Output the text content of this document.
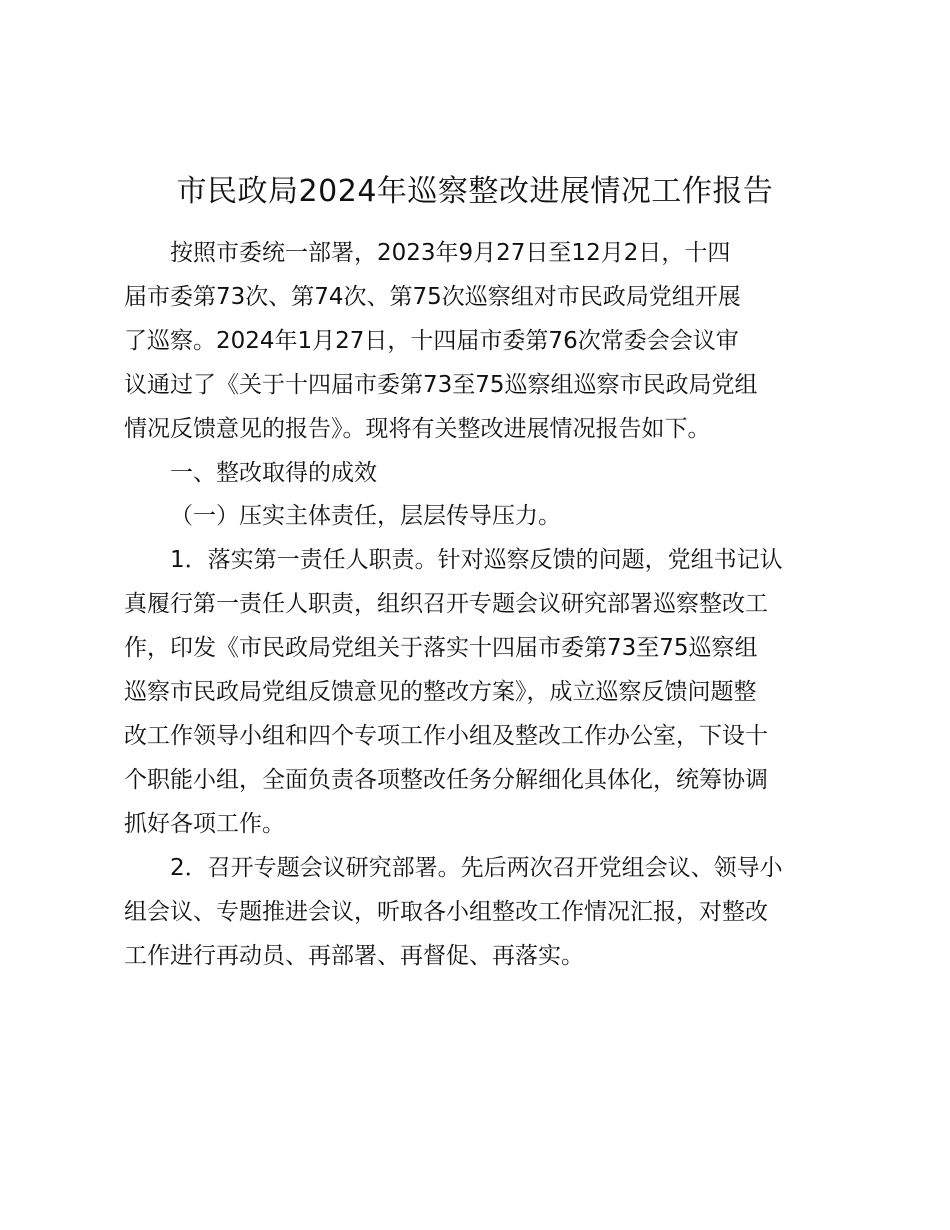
市民政局2024年巡察整改进展情况工作报告

按照市委统一部署，2023年9月27日至12月2日，十四
届市委第73次、第74次、第75次巡察组对市民政局党组开展
了巡察。2024年1月27日，十四届市委第76次常委会会议审
议通过了《关于十四届市委第73至75巡察组巡察市民政局党组
情况反馈意见的报告》。现将有关整改进展情况报告如下。

一、整改取得的成效

（一）压实主体责任，层层传导压力。

1．落实第一责任人职责。针对巡察反馈的问题，党组书记认
真履行第一责任人职责，组织召开专题会议研究部署巡察整改工
作，印发《市民政局党组关于落实十四届市委第73至75巡察组
巡察市民政局党组反馈意见的整改方案》，成立巡察反馈问题整
改工作领导小组和四个专项工作小组及整改工作办公室，下设十
个职能小组，全面负责各项整改任务分解细化具体化，统筹协调
抓好各项工作。

2．召开专题会议研究部署。先后两次召开党组会议、领导小
组会议、专题推进会议，听取各小组整改工作情况汇报，对整改
工作进行再动员、再部署、再督促、再落实。
